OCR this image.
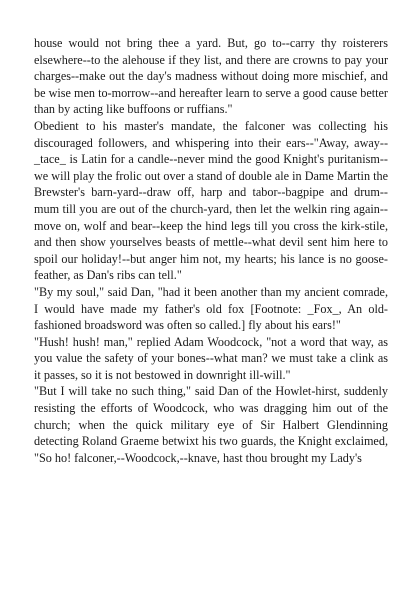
house would not bring thee a yard. But, go to--carry thy roisterers elsewhere--to the alehouse if they list, and there are crowns to pay your charges--make out the day's madness without doing more mischief, and be wise men to-morrow--and hereafter learn to serve a good cause better than by acting like buffoons or ruffians."

Obedient to his master's mandate, the falconer was collecting his discouraged followers, and whispering into their ears--"Away, away--_tace_ is Latin for a candle--never mind the good Knight's puritanism--we will play the frolic out over a stand of double ale in Dame Martin the Brewster's barn-yard--draw off, harp and tabor--bagpipe and drum--mum till you are out of the church-yard, then let the welkin ring again--move on, wolf and bear--keep the hind legs till you cross the kirk-stile, and then show yourselves beasts of mettle--what devil sent him here to spoil our holiday!--but anger him not, my hearts; his lance is no goose-feather, as Dan's ribs can tell."

"By my soul," said Dan, "had it been another than my ancient comrade, I would have made my father's old fox [Footnote: _Fox_, An old-fashioned broadsword was often so called.] fly about his ears!"

"Hush! hush! man," replied Adam Woodcock, "not a word that way, as you value the safety of your bones--what man? we must take a clink as it passes, so it is not bestowed in downright ill-will."

"But I will take no such thing," said Dan of the Howlet-hirst, suddenly resisting the efforts of Woodcock, who was dragging him out of the church; when the quick military eye of Sir Halbert Glendinning detecting Roland Graeme betwixt his two guards, the Knight exclaimed, "So ho! falconer,--Woodcock,--knave, hast thou brought my Lady's
